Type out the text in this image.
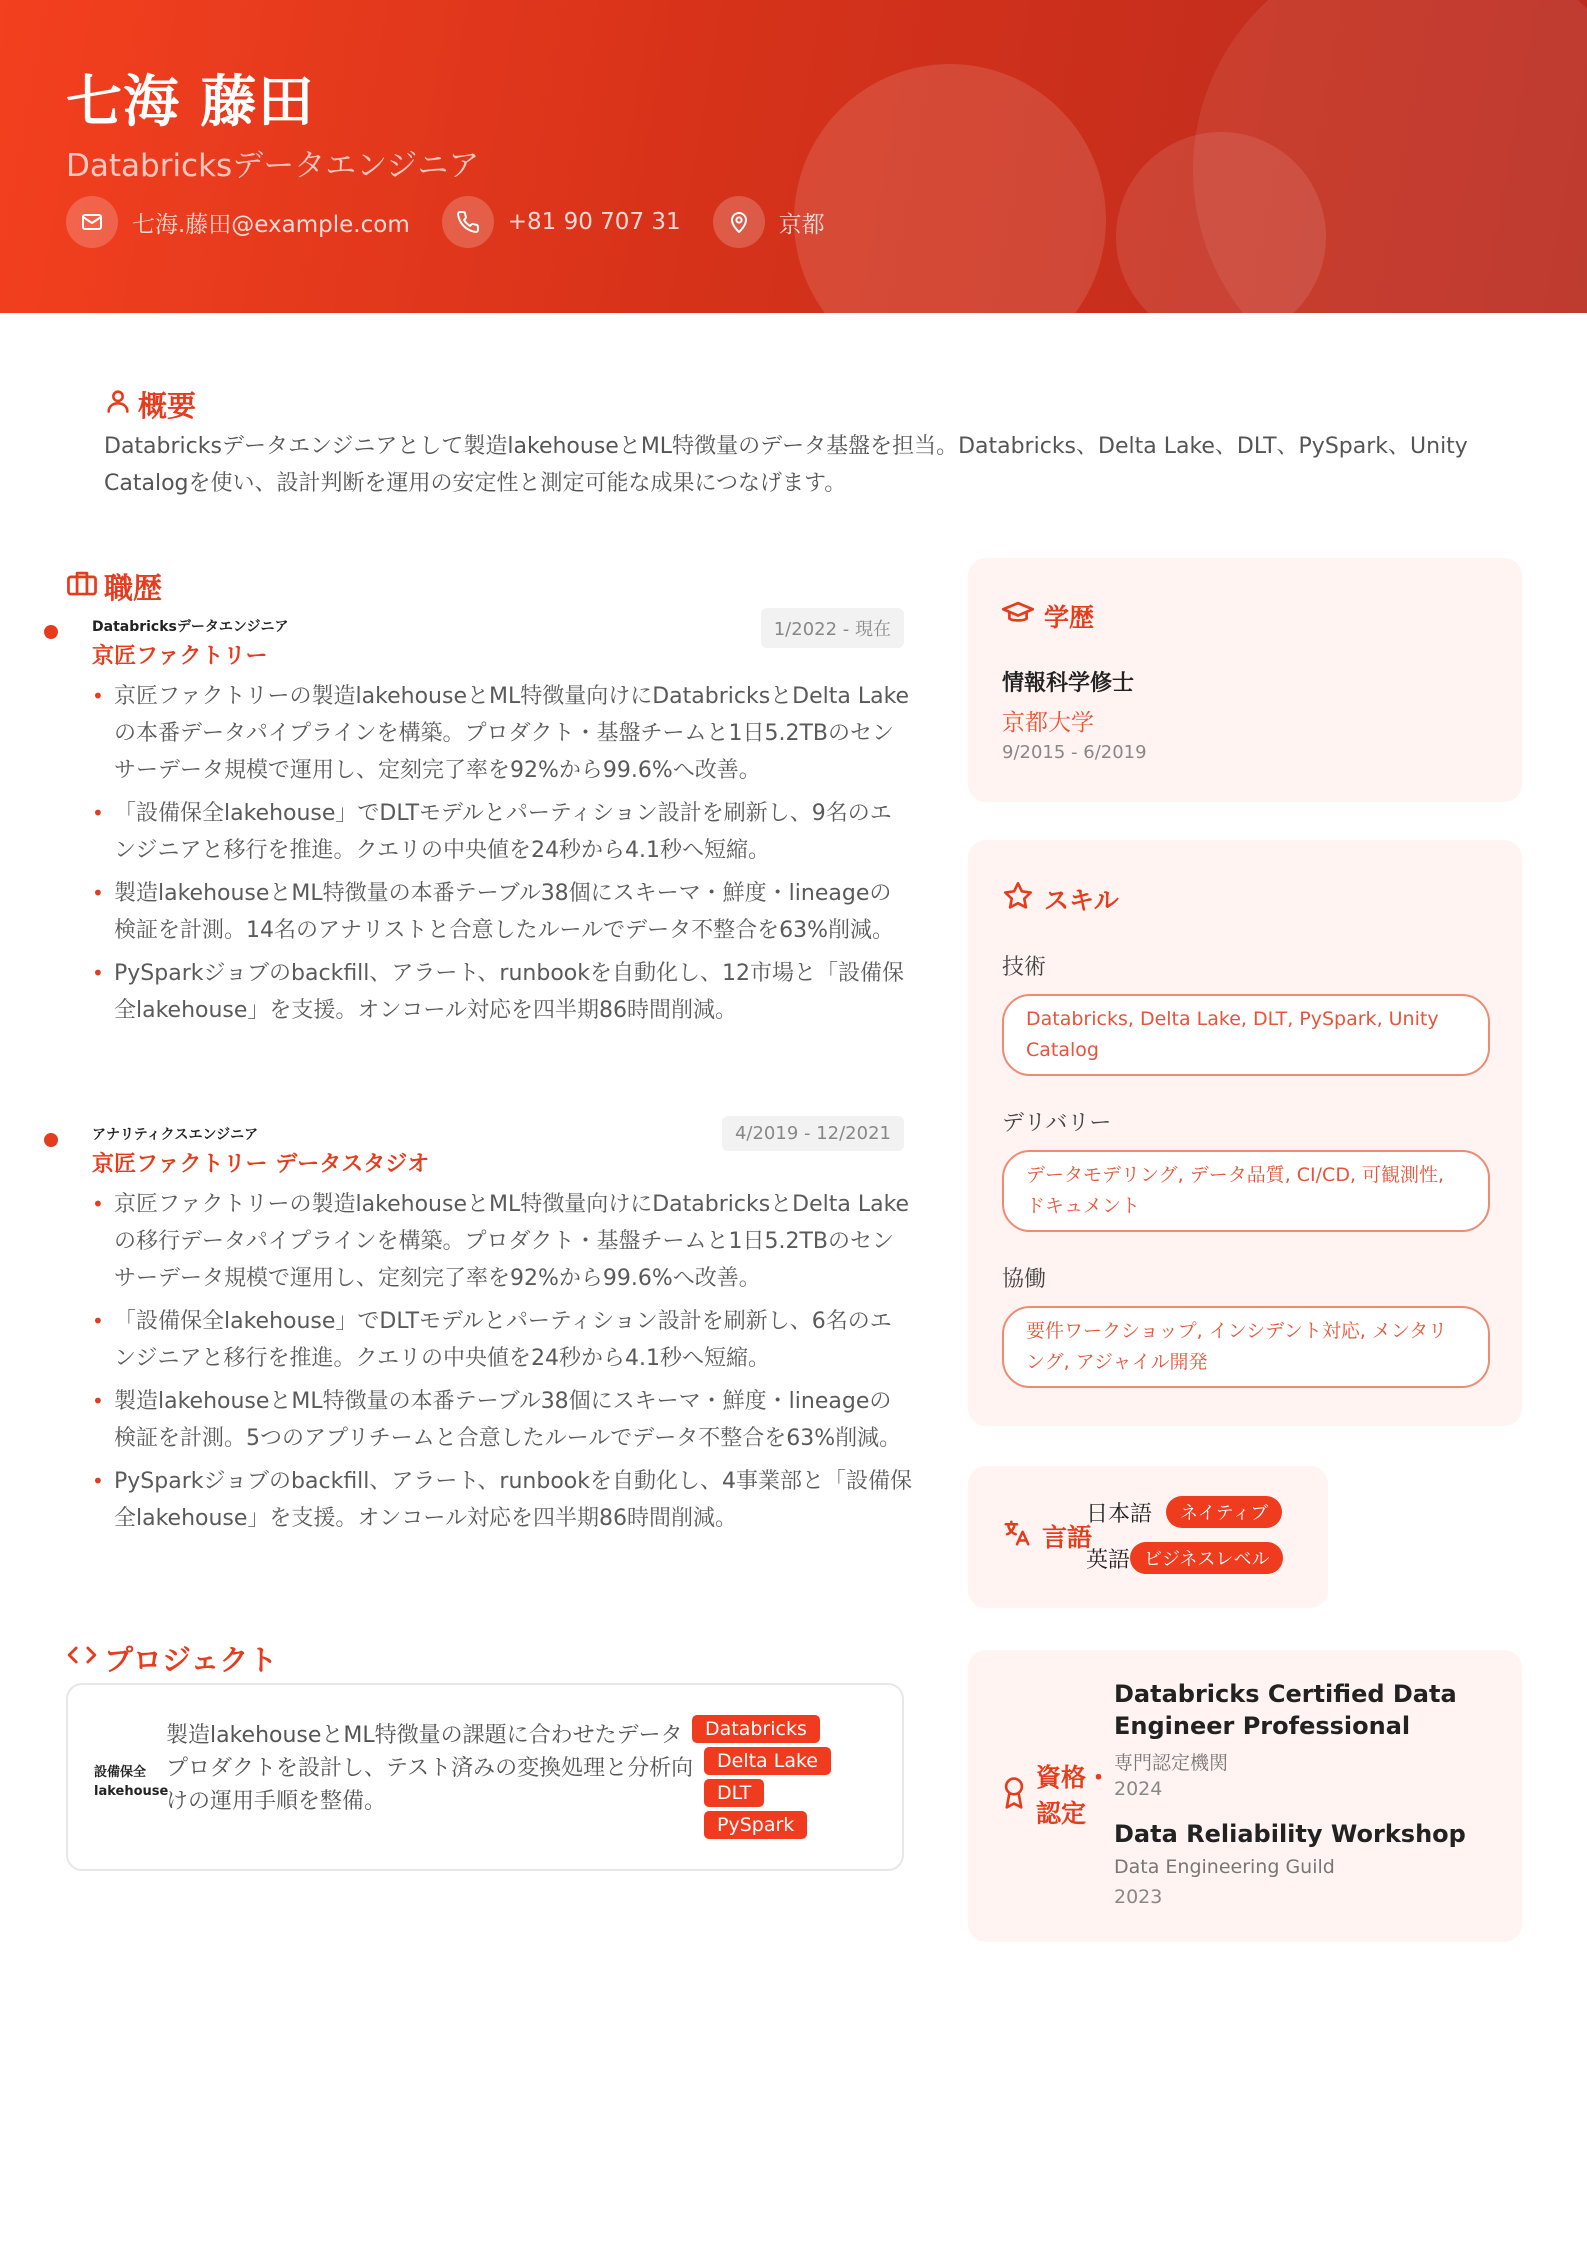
七海 藤田
Databricksデータエンジニア
七海.藤田@example.com	+81 90 707 31	京都
概要
Databricksデータエンジニアとして製造lakehouseとML特徴量のデータ基盤を担当。Databricks、Delta Lake、DLT、PySpark、Unity Catalogを使い、設計判断を運用の安定性と測定可能な成果につなげます。
職歴
Databricksデータエンジニア	1/2022 - 現在
京匠ファクトリー
• 京匠ファクトリーの製造lakehouseとML特徴量向けにDatabricksとDelta Lakeの本番データパイプラインを構築。プロダクト・基盤チームと1日5.2TBのセンサーデータ規模で運用し、定刻完了率を92%から99.6%へ改善。
• 「設備保全lakehouse」でDLTモデルとパーティション設計を刷新し、9名のエンジニアと移行を推進。クエリの中央値を24秒から4.1秒へ短縮。
• 製造lakehouseとML特徴量の本番テーブル38個にスキーマ・鮮度・lineageの検証を計測。14名のアナリストと合意したルールでデータ不整合を63%削減。
• PySparkジョブのbackfill、アラート、runbookを自動化し、12市場と「設備保全lakehouse」を支援。オンコール対応を四半期86時間削減。
アナリティクスエンジニア	4/2019 - 12/2021
京匠ファクトリー データスタジオ
• 京匠ファクトリーの製造lakehouseとML特徴量向けにDatabricksとDelta Lakeの移行データパイプラインを構築。プロダクト・基盤チームと1日5.2TBのセンサーデータ規模で運用し、定刻完了率を92%から99.6%へ改善。
• 「設備保全lakehouse」でDLTモデルとパーティション設計を刷新し、6名のエンジニアと移行を推進。クエリの中央値を24秒から4.1秒へ短縮。
• 製造lakehouseとML特徴量の本番テーブル38個にスキーマ・鮮度・lineageの検証を計測。5つのアプリチームと合意したルールでデータ不整合を63%削減。
• PySparkジョブのbackfill、アラート、runbookを自動化し、4事業部と「設備保全lakehouse」を支援。オンコール対応を四半期86時間削減。
プロジェクト
設備保全lakehouse
製造lakehouseとML特徴量の課題に合わせたデータプロダクトを設計し、テスト済みの変換処理と分析向けの運用手順を整備。
Databricks Delta Lake DLT PySpark
学歴
情報科学修士
京都大学
9/2015 - 6/2019
スキル
技術
Databricks, Delta Lake, DLT, PySpark, Unity Catalog
デリバリー
データモデリング, データ品質, CI/CD, 可観測性, ドキュメント
協働
要件ワークショップ, インシデント対応, メンタリング, アジャイル開発
言語
日本語	ネイティブ
英語 ビジネスレベル
資格・認定
Databricks Certified Data Engineer Professional
専門認定機関
2024
Data Reliability Workshop
Data Engineering Guild
2023
